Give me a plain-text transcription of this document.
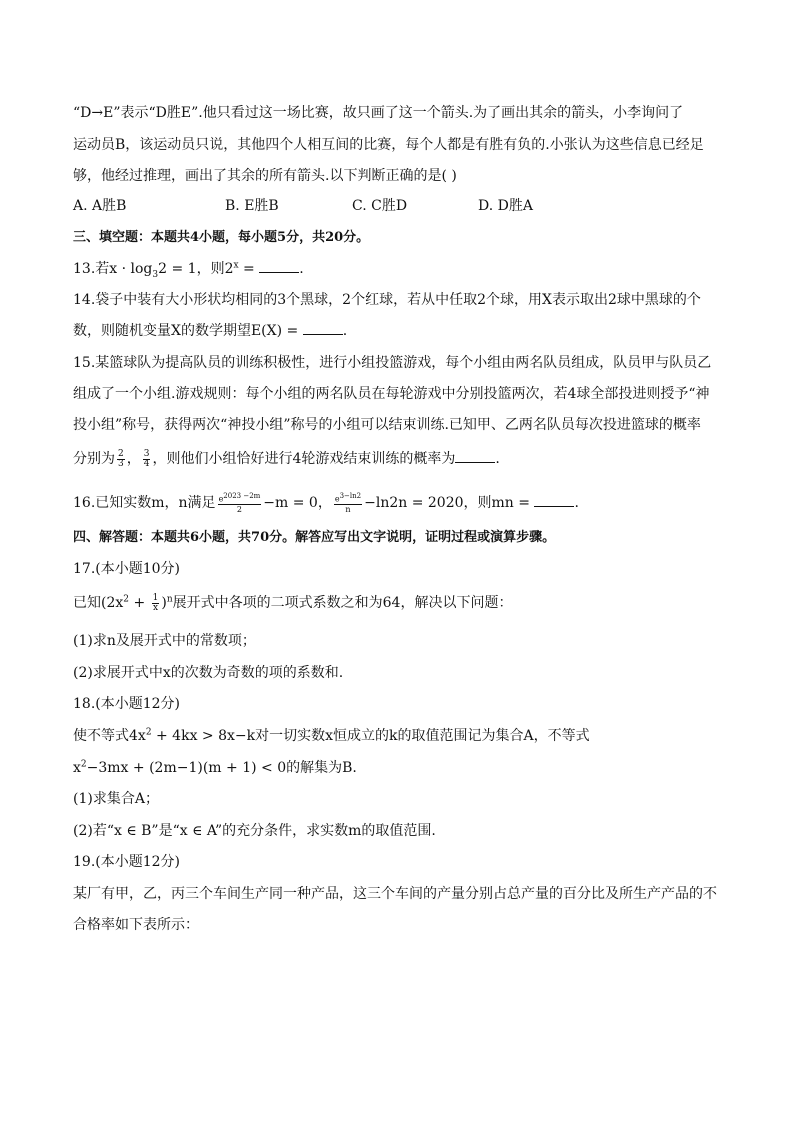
“D→E”表示“D胜E”.他只看过这一场比赛，故只画了这一个箭头.为了画出其余的箭头，小李询问了
运动员B，该运动员只说，其他四个人相互间的比赛，每个人都是有胜有负的.小张认为这些信息已经足
够，他经过推理，画出了其余的所有箭头.以下判断正确的是( )
A. A胜B	B. E胜B	C. C胜D	D. D胜A
三、填空题：本题共4小题，每小题5分，共20分。
13.若$x \cdot \log_32 = 1$，则$2^x$ =	.
14.袋子中装有大小形状均相同的3个黑球，2个红球，若从中任取2个球，用X表示取出2球中黑球的个
数，则随机变量X的数学期望E(X) =	.
15.某篮球队为提高队员的训练积极性，进行小组投篮游戏，每个小组由两名队员组成，队员甲与队员乙
组成了一个小组.游戏规则：每个小组的两名队员在每轮游戏中分别投篮两次，若4球全部投进则授予“神
投小组”称号，获得两次“神投小组”称号的小组可以结束训练.已知甲、乙两名队员每次投进篮球的概率
分别为 $\frac{2}{3}$ ， $\frac{3}{4}$ ，则他们小组恰好进行4轮游戏结束训练的概率为	.
16.已知实数m，n满足 $\frac{e^{2023 -2m}}{2} -m = 0$， $\frac{e^{3-ln2}}{n} -\ln 2n = 2020$，则mn =	.
四、解答题：本题共6小题，共70分。解答应写出文字说明，证明过程或演算步骤。
17.(本小题10分)
已知$(2x^2 + \frac{1}{x} )^n$展开式中各项的二项式系数之和为64，解决以下问题：
(1)求n及展开式中的常数项；
(2)求展开式中x的次数为奇数的项的系数和.
18.(本小题12分)
使不等式$4x^2 + 4kx > 8x-k$对一切实数x恒成立的k的取值范围记为集合A，不等式
$x^2-3mx + (2m-1)(m + 1) < 0$的解集为B.
(1)求集合A；
(2)若“x ∈ B”是“x ∈ A”的充分条件，求实数m的取值范围.
19.(本小题12分)
某厂有甲，乙，丙三个车间生产同一种产品，这三个车间的产量分别占总产量的百分比及所生产产品的不
合格率如下表所示：
